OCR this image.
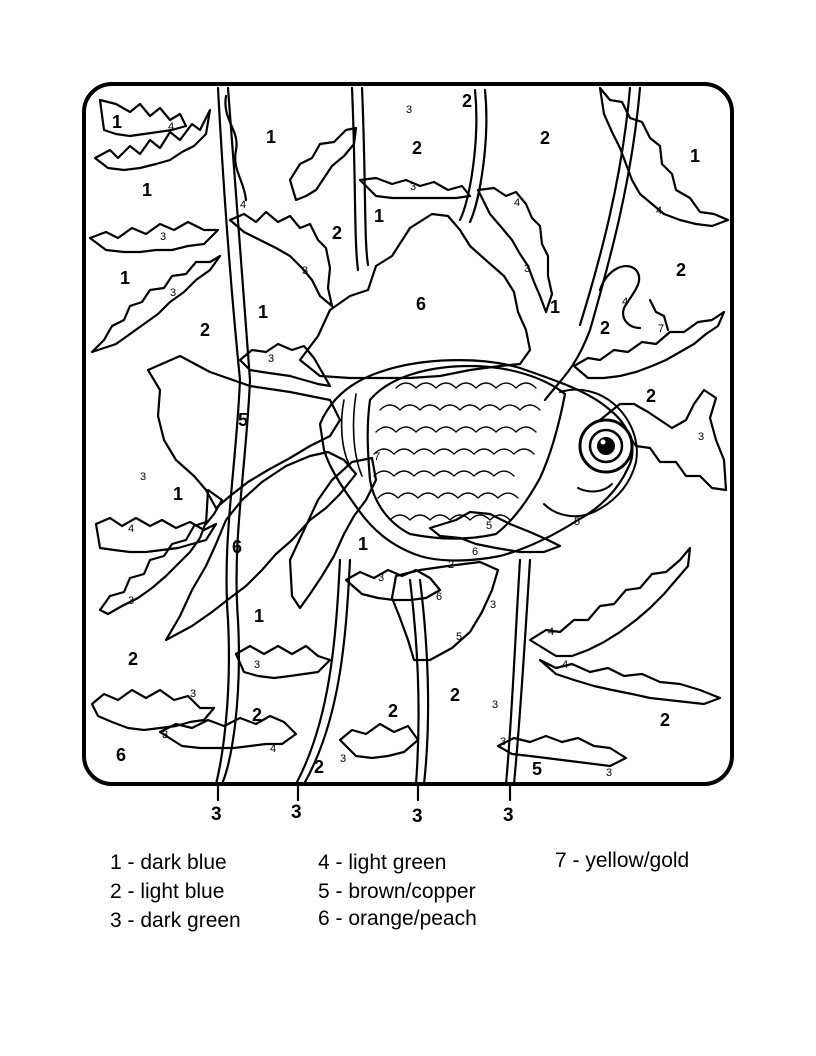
1
1
1
1
1
1	1
1
1
1
1
2	2
2
2	2
2
2
2	2
2
2
2
2
2
6
5
6
5
6
4
3
4
3
3
3	3
4
3
3
3
4
3
4
3
3
3
3
4
3
3
4
4
3
2
3
3
4
3
5
7
6
5
7
6
5
3	3	3	3
1 - dark blue
2 - light blue
3 - dark green
4 - light green
5 - brown/copper
6 - orange/peach
7 - yellow/gold
